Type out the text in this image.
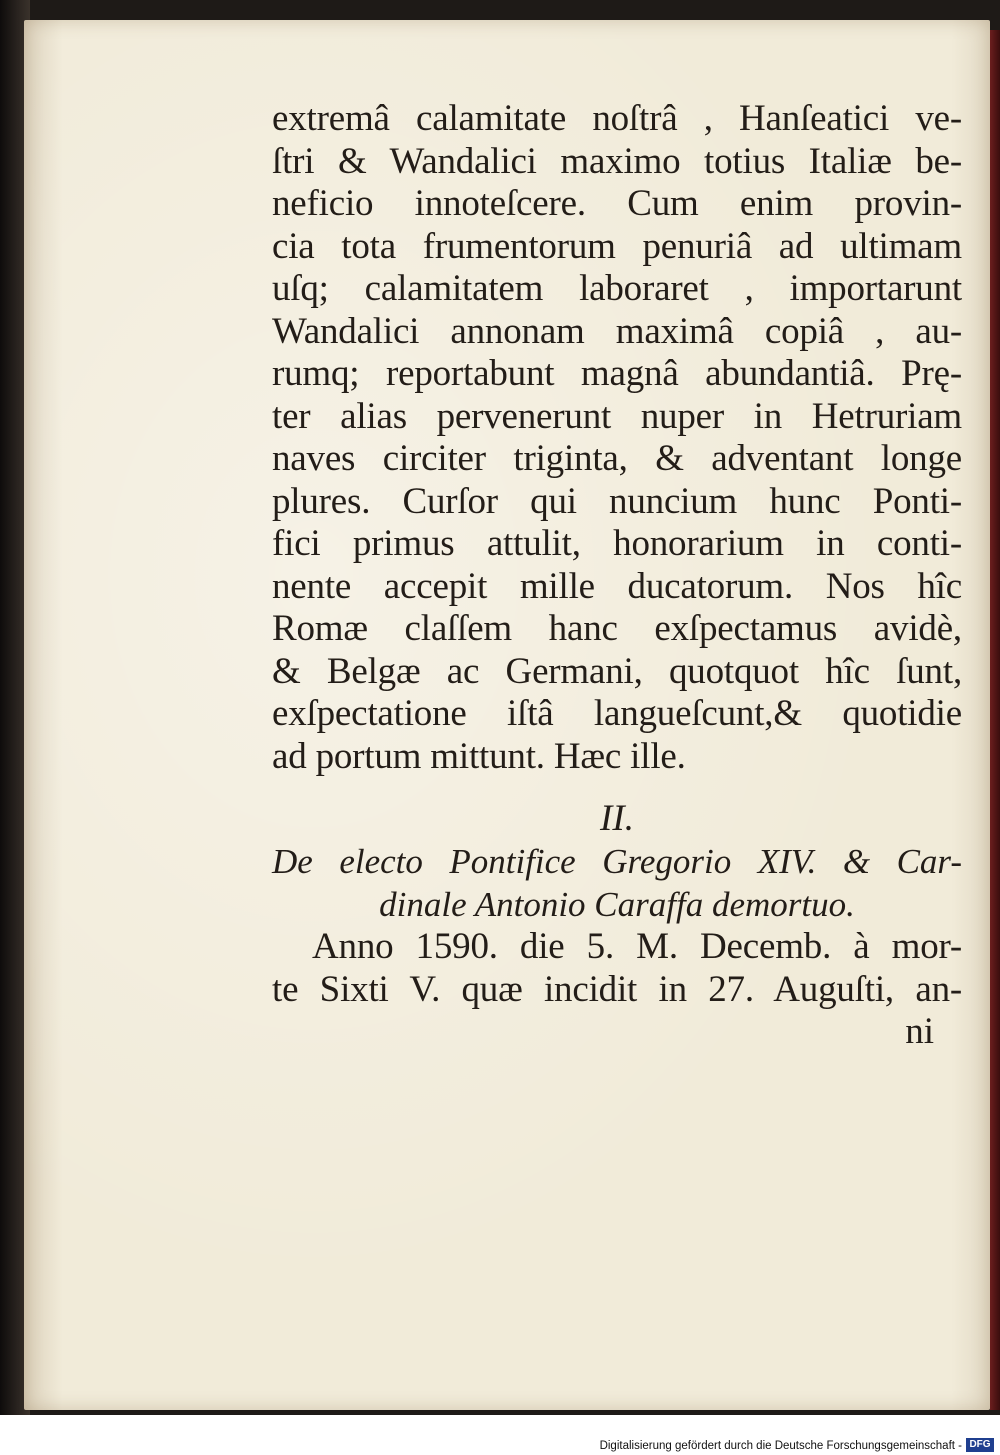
extremâ calamitate noſtrâ , Hanſeatici ve-
ſtri & Wandalici maximo totius Italiæ be-
neficio innoteſcere. Cum enim provin-
cia tota frumentorum penuriâ ad ultimam
uſq; calamitatem laboraret , importarunt
Wandalici annonam maximâ copiâ , au-
rumq; reportabunt magnâ abundantiâ. Prę-
ter alias pervenerunt nuper in Hetruriam
naves circiter triginta, & adventant longe
plures. Curſor qui nuncium hunc Ponti-
fici primus attulit, honorarium in conti-
nente accepit mille ducatorum. Nos hîc
Romæ claſſem hanc exſpectamus avidè,
& Belgæ ac Germani, quotquot hîc ſunt,
exſpectatione iſtâ langueſcunt,& quotidie
ad portum mittunt. Hæc ille.
II.
De electo Pontifice Gregorio XIV. & Car-
dinale Antonio Caraffa demortuo.
Anno 1590. die 5. M. Decemb. à mor-
te Sixti V. quæ incidit in 27. Auguſti, an-
ni
Digitalisierung gefördert durch die Deutsche Forschungsgemeinschaft - DFG
